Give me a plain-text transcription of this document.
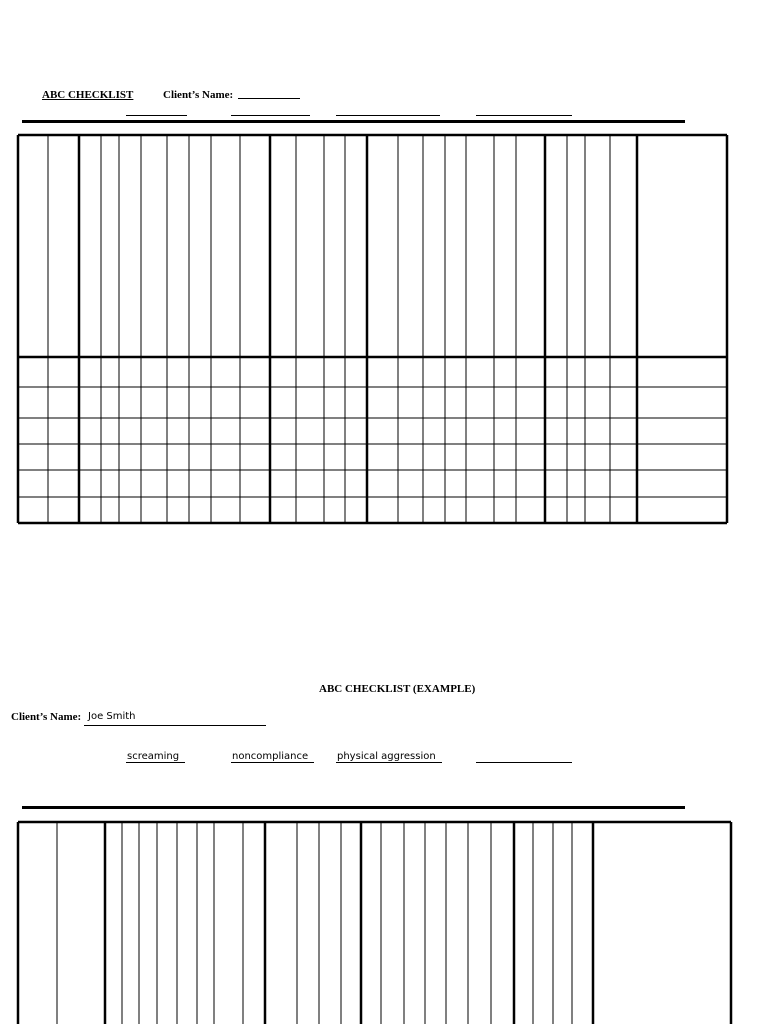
ABC CHECKLIST	Client’s Name:
ABC CHECKLIST (EXAMPLE)
Client’s Name: Joe Smith
screaming	noncompliance	physical aggression
